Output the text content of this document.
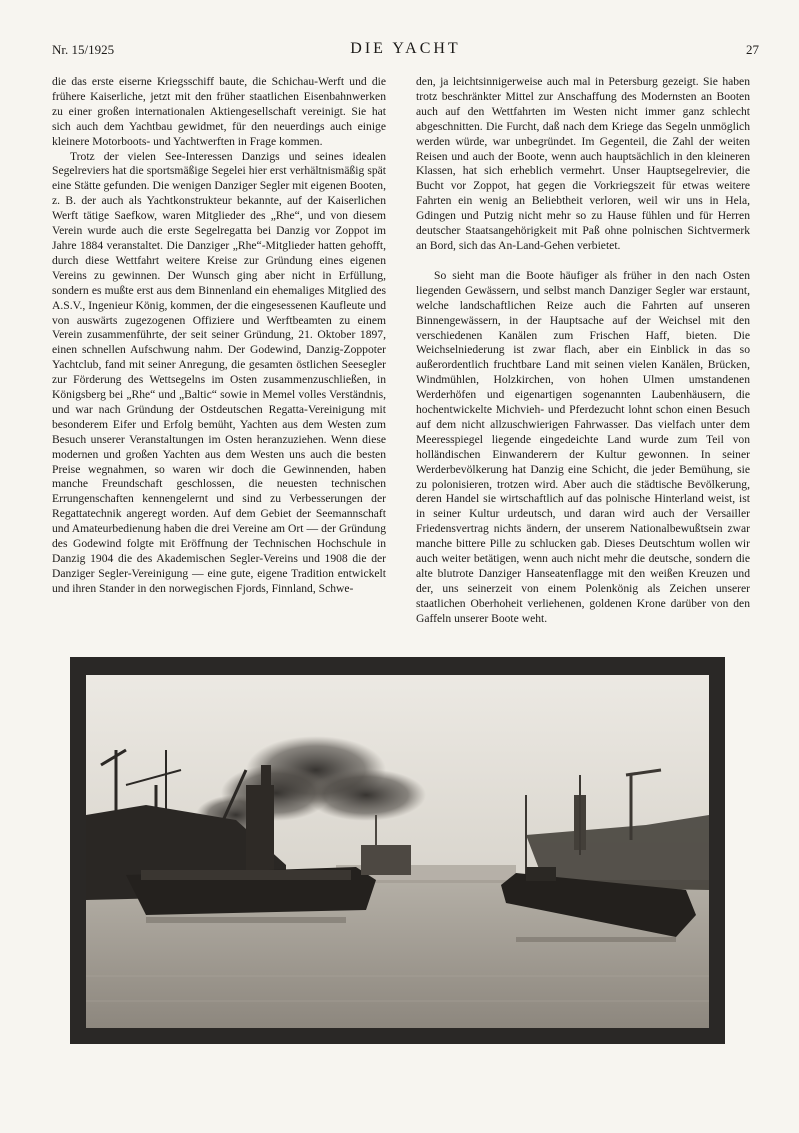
Nr. 15/1925	DIE YACHT	27

die das erste eiserne Kriegsschiff baute, die Schichau-Werft und die frühere Kaiserliche, jetzt mit den früher staatlichen Eisenbahnwerken zu einer großen internationalen Aktiengesellschaft vereinigt. Sie hat sich auch dem Yachtbau gewidmet, für den neuerdings auch einige kleinere Motorboots- und Yachtwerften in Frage kommen.

Trotz der vielen See-Interessen Danzigs und seines idealen Segelreviers hat die sportsmäßige Segelei hier erst verhältnismäßig spät eine Stätte gefunden. Die wenigen Danziger Segler mit eigenen Booten, z. B. der auch als Yachtkonstrukteur bekannte, auf der Kaiserlichen Werft tätige Saefkow, waren Mitglieder des „Rhe“, und von diesem Verein wurde auch die erste Segelregatta bei Danzig vor Zoppot im Jahre 1884 veranstaltet. Die Danziger „Rhe“-Mitglieder hatten gehofft, durch diese Wettfahrt weitere Kreise zur Gründung eines eigenen Vereins zu gewinnen. Der Wunsch ging aber nicht in Erfüllung, sondern es mußte erst aus dem Binnenland ein ehemaliges Mitglied des A.S.V., Ingenieur König, kommen, der die eingesessenen Kaufleute und von auswärts zugezogenen Offiziere und Werftbeamten zu einem Verein zusammenführte, der seit seiner Gründung, 21. Oktober 1897, einen schnellen Aufschwung nahm. Der Godewind, Danzig-Zoppoter Yachtclub, fand mit seiner Anregung, die gesamten östlichen Seesegler zur Förderung des Wettsegelns im Osten zusammenzuschließen, in Königsberg bei „Rhe“ und „Baltic“ sowie in Memel volles Verständnis, und war nach Gründung der Ostdeutschen Regatta-Vereinigung mit besonderem Eifer und Erfolg bemüht, Yachten aus dem Westen zum Besuch unserer Veranstaltungen im Osten heranzuziehen. Wenn diese modernen und großen Yachten aus dem Westen uns auch die besten Preise wegnahmen, so waren wir doch die Gewinnenden, haben manche Freundschaft geschlossen, die neuesten technischen Errungenschaften kennengelernt und sind zu Verbesserungen der Regattatechnik angeregt worden. Auf dem Gebiet der Seemannschaft und Amateurbedienung haben die drei Vereine am Ort — der Gründung des Godewind folgte mit Eröffnung der Technischen Hochschule in Danzig 1904 die des Akademischen Segler-Vereins und 1908 die der Danziger Segler-Vereinigung — eine gute, eigene Tradition entwickelt und ihren Stander in den norwegischen Fjords, Finnland, Schwe-

den, ja leichtsinnigerweise auch mal in Petersburg gezeigt. Sie haben trotz beschränkter Mittel zur Anschaffung des Modernsten an Booten auch auf den Wettfahrten im Westen nicht immer ganz schlecht abgeschnitten. Die Furcht, daß nach dem Kriege das Segeln unmöglich werden würde, war unbegründet. Im Gegenteil, die Zahl der weiten Reisen und auch der Boote, wenn auch hauptsächlich in den kleineren Klassen, hat sich erheblich vermehrt. Unser Hauptsegelrevier, die Bucht vor Zoppot, hat gegen die Vorkriegszeit für etwas weitere Fahrten ein wenig an Beliebtheit verloren, weil wir uns in Hela, Gdingen und Putzig nicht mehr so zu Hause fühlen und für Herren deutscher Staatsangehörigkeit mit Paß ohne polnischen Sichtvermerk an Bord, sich das An-Land-Gehen verbietet.

So sieht man die Boote häufiger als früher in den nach Osten liegenden Gewässern, und selbst manch Danziger Segler war erstaunt, welche landschaftlichen Reize auch die Fahrten auf unseren Binnengewässern, in der Hauptsache auf der Weichsel mit den verschiedenen Kanälen zum Frischen Haff, bieten. Die Weichselniederung ist zwar flach, aber ein Einblick in das so außerordentlich fruchtbare Land mit seinen vielen Kanälen, Brücken, Windmühlen, Holzkirchen, von hohen Ulmen umstandenen Werderhöfen und eigenartigen sogenannten Laubenhäusern, die hochentwickelte Michvieh- und Pferdezucht lohnt schon einen Besuch auf dem nicht allzuschwierigen Fahrwasser. Das vielfach unter dem Meeresspiegel liegende eingedeichte Land wurde zum Teil von holländischen Einwanderern der Kultur gewonnen. In seiner Werderbevölkerung hat Danzig eine Schicht, die jeder Bemühung, sie zu polonisieren, trotzen wird. Aber auch die städtische Bevölkerung, deren Handel sie wirtschaftlich auf das polnische Hinterland weist, ist in seiner Kultur urdeutsch, und daran wird auch der Versailler Friedensvertrag nichts ändern, der unserem Nationalbewußtsein zwar manche bittere Pille zu schlucken gab. Dieses Deutschtum wollen wir auch weiter betätigen, wenn auch nicht mehr die deutsche, sondern die alte blutrote Danziger Hanseatenflagge mit den weißen Kreuzen und der, uns seinerzeit von einem Polenkönig als Zeichen unserer staatlichen Oberhoheit verliehenen, goldenen Krone darüber von den Gaffeln unserer Boote weht.
